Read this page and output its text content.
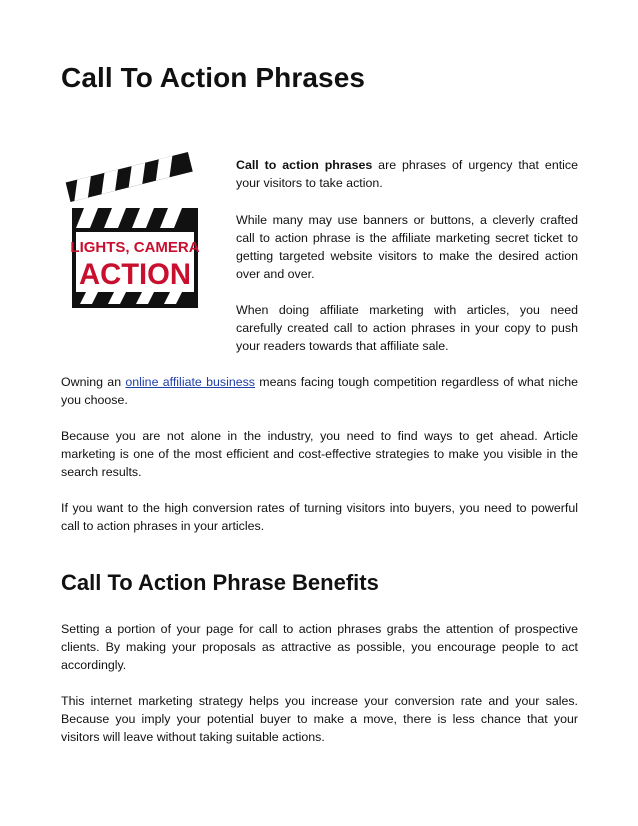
Call To Action Phrases
LIGHTS, CAMERA
ACTION

Call to action phrases are phrases of urgency that entice your visitors to take action.

While many may use banners or buttons, a cleverly crafted call to action phrase is the affiliate marketing secret ticket to getting targeted website visitors to make the desired action over and over.

When doing affiliate marketing with articles, you need carefully created call to action phrases in your copy to push your readers towards that affiliate sale.

Owning an online affiliate business means facing tough competition regardless of what niche you choose.

Because you are not alone in the industry, you need to find ways to get ahead. Article marketing is one of the most efficient and cost-effective strategies to make you visible in the search results.

If you want to the high conversion rates of turning visitors into buyers, you need to powerful call to action phrases in your articles.

Call To Action Phrase Benefits

Setting a portion of your page for call to action phrases grabs the attention of prospective clients. By making your proposals as attractive as possible, you encourage people to act accordingly.

This internet marketing strategy helps you increase your conversion rate and your sales. Because you imply your potential buyer to make a move, there is less chance that your visitors will leave without taking suitable actions.
